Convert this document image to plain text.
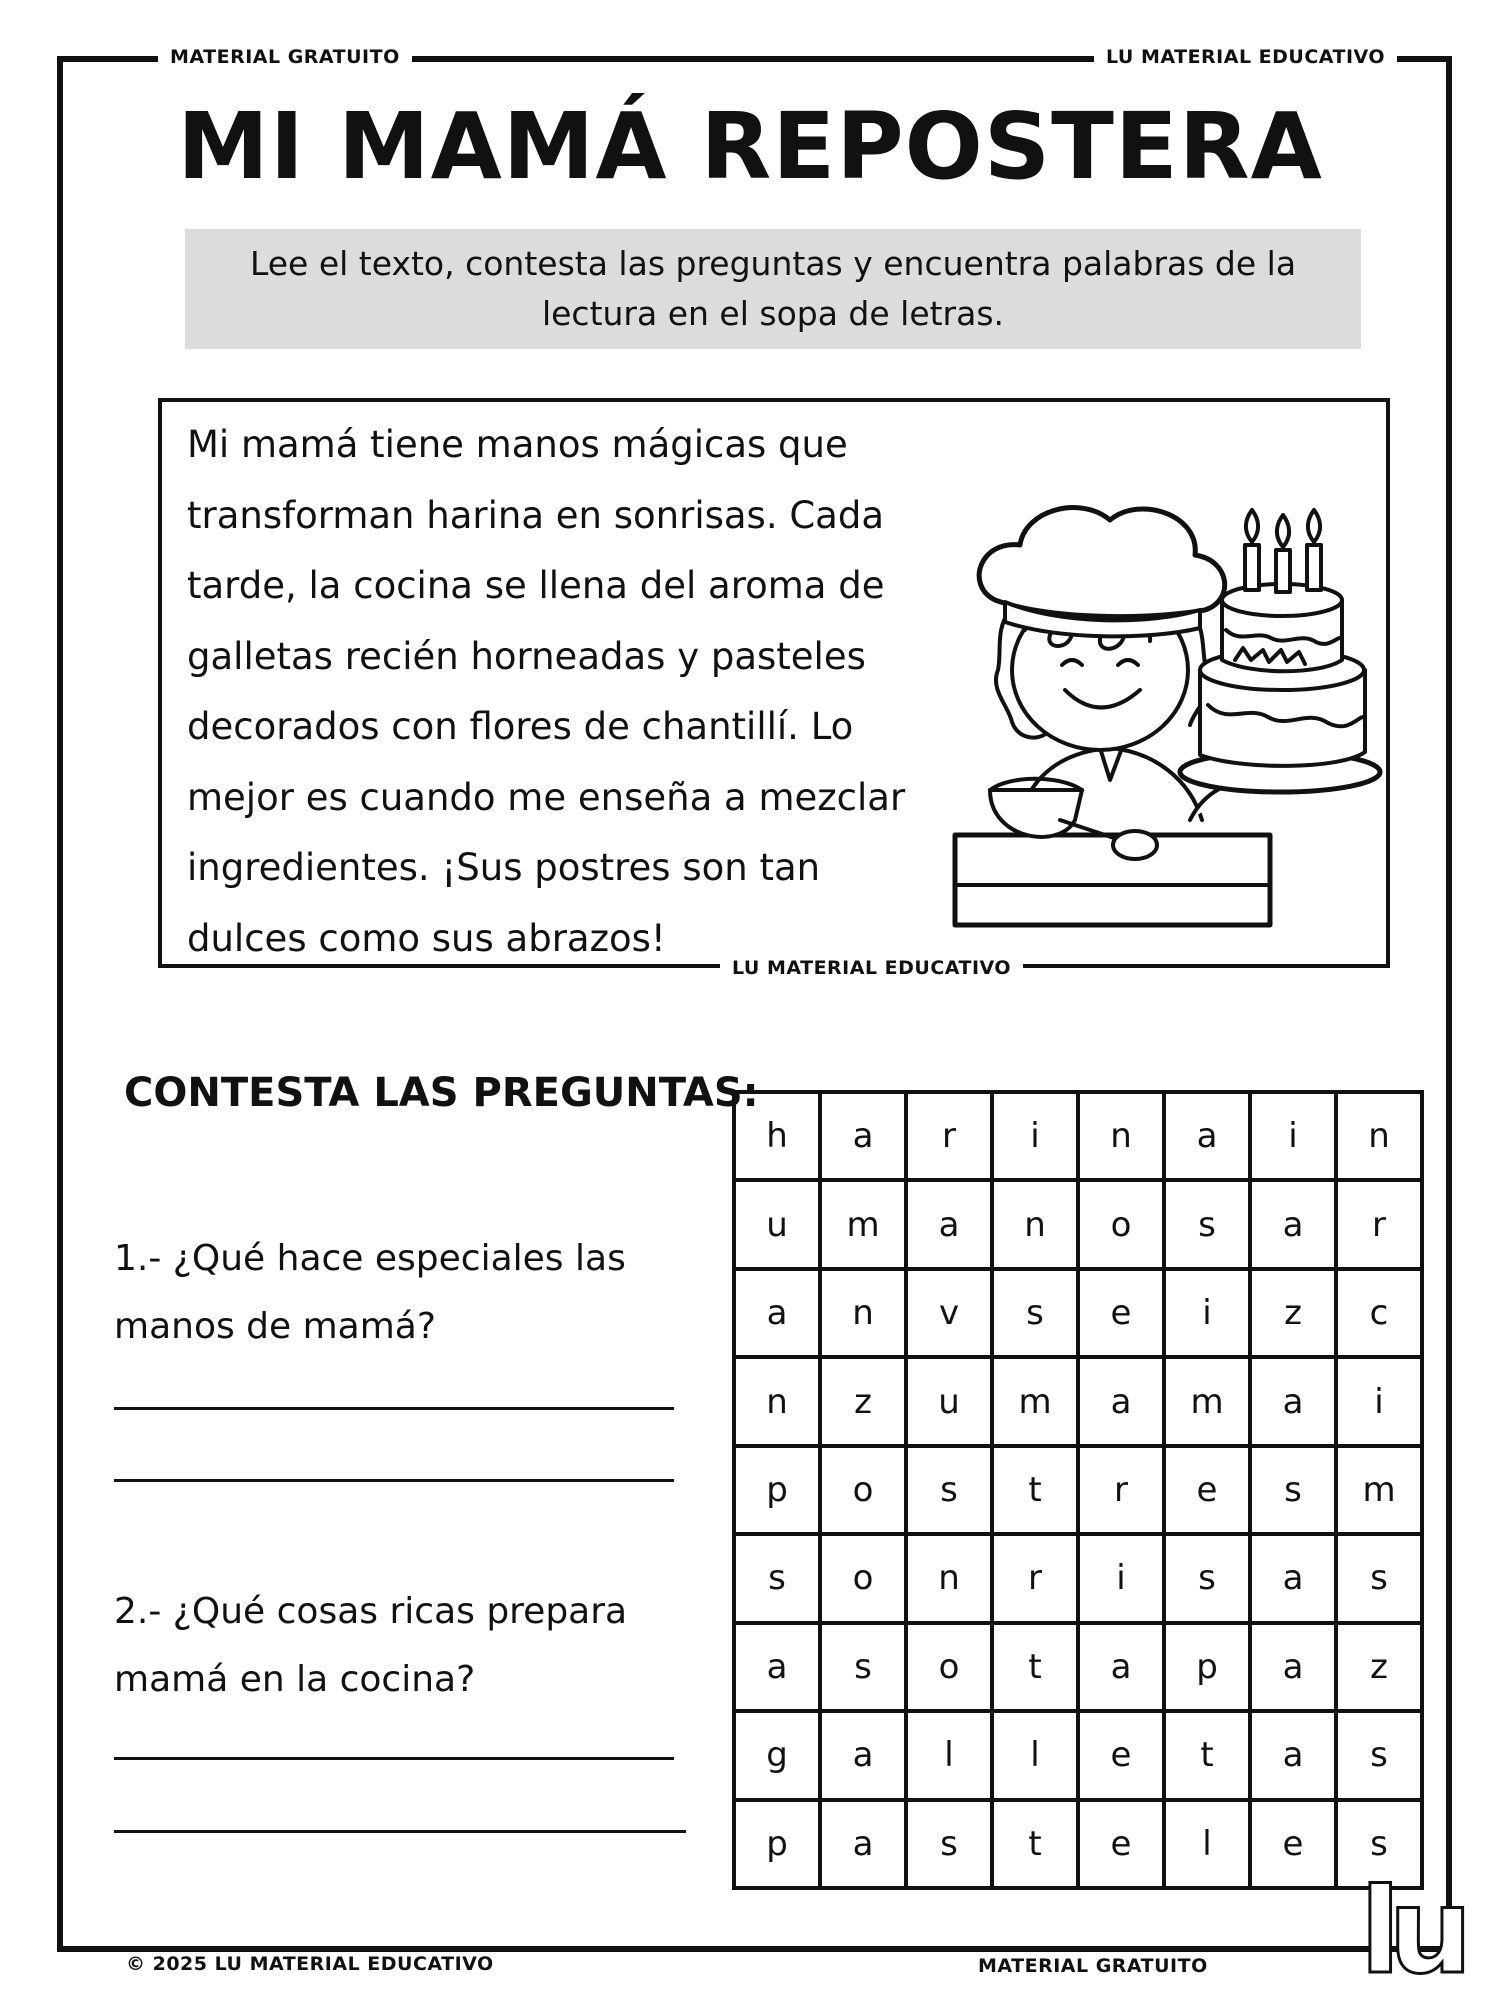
MATERIAL GRATUITO	LU MATERIAL EDUCATIVO
MI MAMÁ REPOSTERA
Lee el texto, contesta las preguntas y encuentra palabras de la lectura en el sopa de letras.
Mi mamá tiene manos mágicas que
transforman harina en sonrisas. Cada
tarde, la cocina se llena del aroma de
galletas recién horneadas y pasteles
decorados con flores de chantillí. Lo
mejor es cuando me enseña a mezclar
ingredientes. ¡Sus postres son tan
dulces como sus abrazos!
LU MATERIAL EDUCATIVO
CONTESTA LAS PREGUNTAS:
1.- ¿Qué hace especiales las
manos de mamá?
2.- ¿Qué cosas ricas prepara
mamá en la cocina?
h	a	r	i	n	a	i	n
u	m	a	n	o	s	a	r
a	n	v	s	e	i	z	c
n	z	u	m	a	m	a	i
p	o	s	t	r	e	s	m
s	o	n	r	i	s	a	s
a	s	o	t	a	p	a	z
g	a	l	l	e	t	a	s
p	a	s	t	e	l	e	s
© 2025 LU MATERIAL EDUCATIVO	MATERIAL GRATUITO lu
